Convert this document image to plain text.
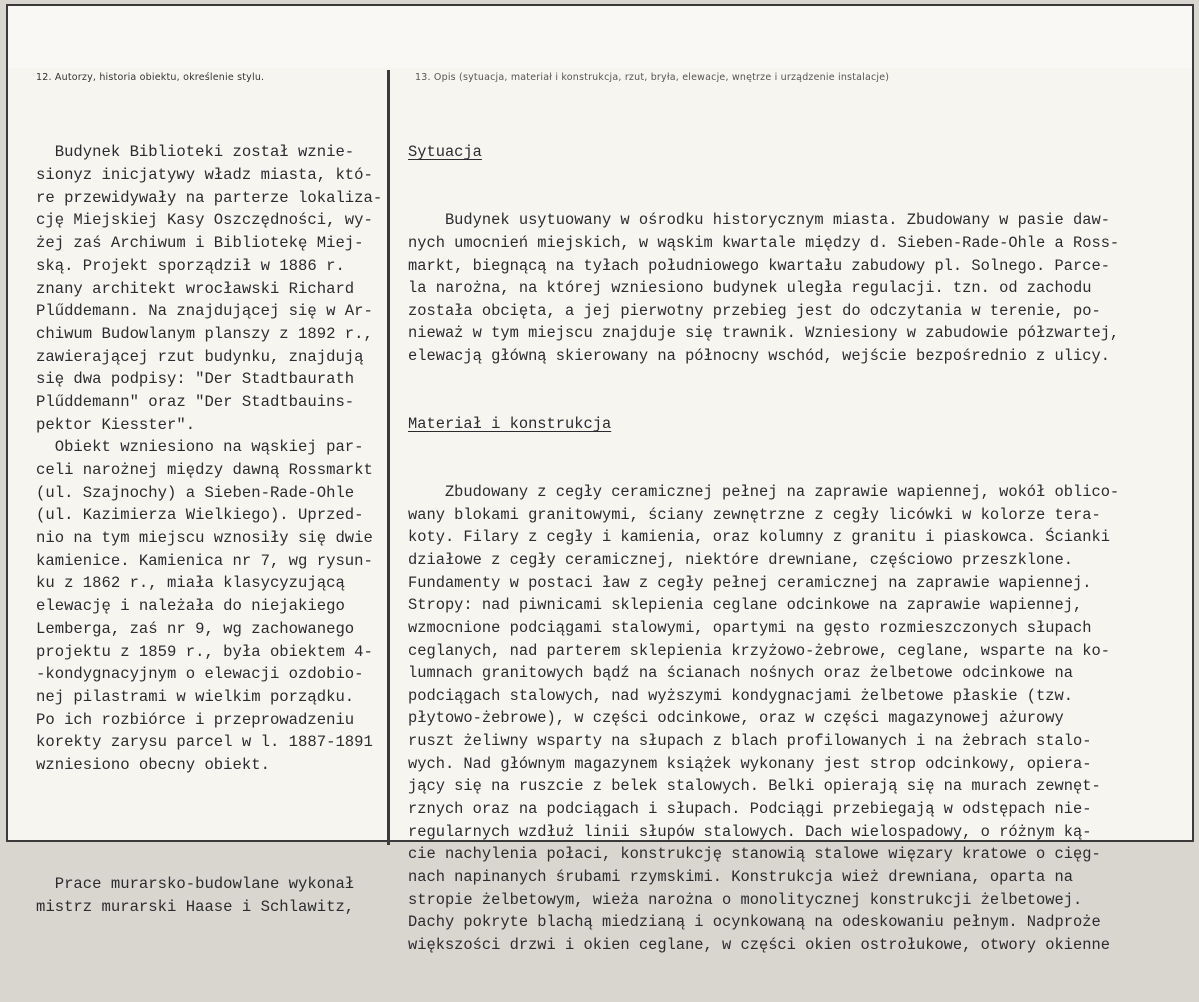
12. Autorzy, historia obiektu, określenie stylu.	13. Opis (sytuacja, materiał i konstrukcja, rzut, bryła, elewacje, wnętrze i urządzenie instalacje)

Budynek Biblioteki został wznie-
sionyz inicjatywy władz miasta, któ-
re przewidywały na parterze lokaliza-
cję Miejskiej Kasy Oszczędności, wy-
żej zaś Archiwum i Bibliotekę Miej-
ską. Projekt sporządził w 1886 r.
znany architekt wrocławski Richard
Plűddemann. Na znajdującej się w Ar-
chiwum Budowlanym planszy z 1892 r.,
zawierającej rzut budynku, znajdują
się dwa podpisy: "Der Stadtbaurath
Plűddemann" oraz "Der Stadtbauins-
pektor Kiesster".
Obiekt wzniesiono na wąskiej par-
celi narożnej między dawną Rossmarkt
(ul. Szajnochy) a Sieben-Rade-Ohle
(ul. Kazimierza Wielkiego). Uprzed-
nio na tym miejscu wznosiły się dwie
kamienice. Kamienica nr 7, wg rysun-
ku z 1862 r., miała klasycyzującą
elewację i należała do niejakiego
Lemberga, zaś nr 9, wg zachowanego
projektu z 1859 r., była obiektem 4-
-kondygnacyjnym o elewacji ozdobio-
nej pilastrami w wielkim porządku.
Po ich rozbiórce i przeprowadzeniu
korekty zarysu parcel w l. 1887-1891
wzniesiono obecny obiekt.

Prace murarsko-budowlane wykonał
mistrz murarski Haase i Schlawitz,

Sytuacja

Budynek usytuowany w ośrodku historycznym miasta. Zbudowany w pasie daw-
nych umocnień miejskich, w wąskim kwartale między d. Sieben-Rade-Ohle a Ross-
markt, biegnącą na tyłach południowego kwartału zabudowy pl. Solnego. Parce-
la narożna, na której wzniesiono budynek uległa regulacji. tzn. od zachodu
została obcięta, a jej pierwotny przebieg jest do odczytania w terenie, po-
nieważ w tym miejscu znajduje się trawnik. Wzniesiony w zabudowie półzwartej,
elewacją główną skierowany na północny wschód, wejście bezpośrednio z ulicy.

Materiał i konstrukcja

Zbudowany z cegły ceramicznej pełnej na zaprawie wapiennej, wokół oblico-
wany blokami granitowymi, ściany zewnętrzne z cegły licówki w kolorze tera-
koty. Filary z cegły i kamienia, oraz kolumny z granitu i piaskowca. Ścianki
działowe z cegły ceramicznej, niektóre drewniane, częściowo przeszklone.
Fundamenty w postaci ław z cegły pełnej ceramicznej na zaprawie wapiennej.
Stropy: nad piwnicami sklepienia ceglane odcinkowe na zaprawie wapiennej,
wzmocnione podciągami stalowymi, opartymi na gęsto rozmieszczonych słupach
ceglanych, nad parterem sklepienia krzyżowo-żebrowe, ceglane, wsparte na ko-
lumnach granitowych bądź na ścianach nośnych oraz żelbetowe odcinkowe na
podciągach stalowych, nad wyższymi kondygnacjami żelbetowe płaskie (tzw.
płytowo-żebrowe), w części odcinkowe, oraz w części magazynowej ażurowy
ruszt żeliwny wsparty na słupach z blach profilowanych i na żebrach stalo-
wych. Nad głównym magazynem książek wykonany jest strop odcinkowy, opiera-
jący się na ruszcie z belek stalowych. Belki opierają się na murach zewnęt-
rznych oraz na podciągach i słupach. Podciągi przebiegają w odstępach nie-
regularnych wzdłuż linii słupów stalowych. Dach wielospadowy, o różnym ką-
cie nachylenia połaci, konstrukcję stanowią stalowe więzary kratowe o cięg-
nach napinanych śrubami rzymskimi. Konstrukcja wież drewniana, oparta na
stropie żelbetowym, wieża narożna o monolitycznej konstrukcji żelbetowej.
Dachy pokryte blachą miedzianą i ocynkowaną na odeskowaniu pełnym. Nadproże
większości drzwi i okien ceglane, w części okien ostrołukowe, otwory okienne
